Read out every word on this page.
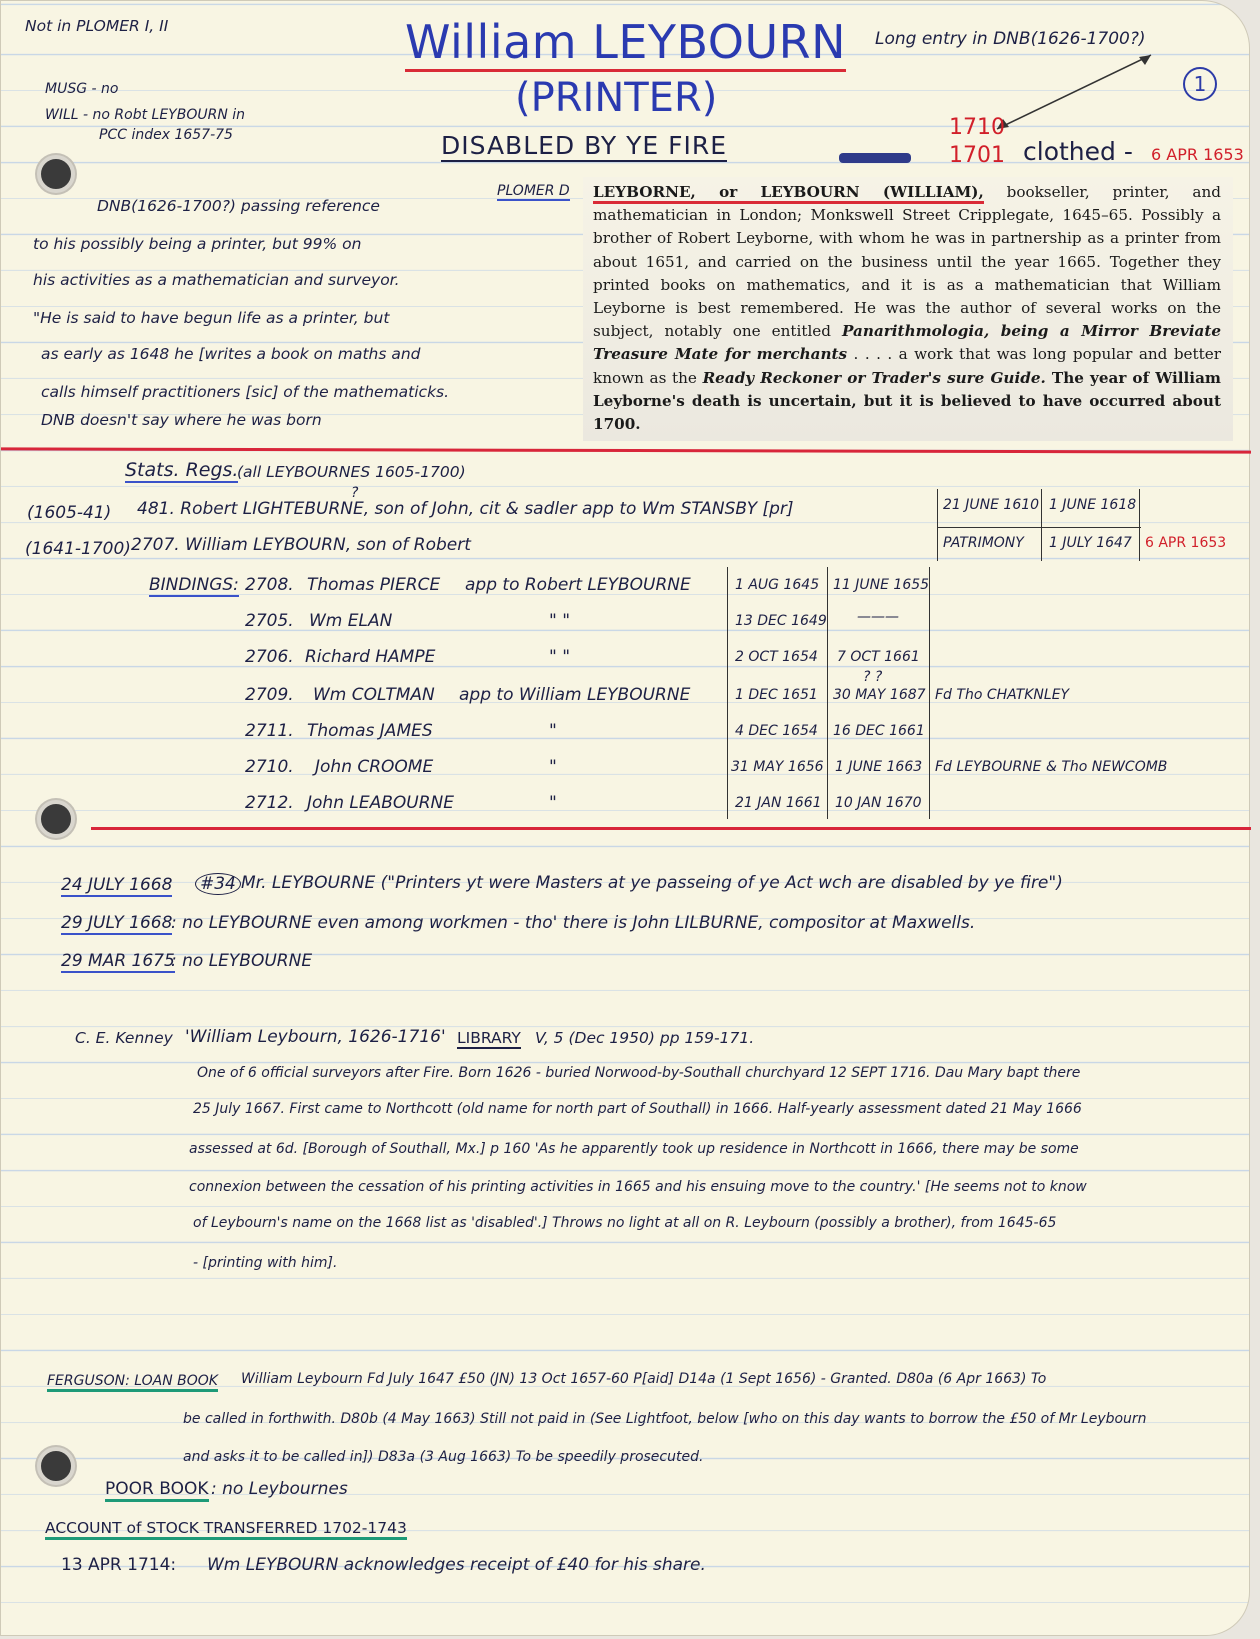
Not in PLOMER I, II
MUSG - no
WILL - no Robt LEYBOURN in
PCC index 1657-75
William LEYBOURN
(PRINTER)
DISABLED BY YE FIRE
Long entry in DNB(1626-1700?)
1
1710
1701 clothed - 6 APR 1653
DNB(1626-1700?) passing reference
to his possibly being a printer, but 99% on
his activities as a mathematician and surveyor.
"He is said to have begun life as a printer, but
as early as 1648 he [writes a book on maths and
calls himself practitioners [sic] of the mathematicks.
DNB doesn't say where he was born
PLOMER D	LEYBORNE, or LEYBOURN (WILLIAM), bookseller, printer, and mathematician in London; Monkswell Street Cripplegate, 1645–65. Possibly a brother of Robert Leyborne, with whom he was in partnership as a printer from about 1651, and carried on the business until the year 1665. Together they printed books on mathematics, and it is as a mathematician that William Leyborne is best remembered. He was the author of several works on the subject, notably one entitled Panarithmologia, being a Mirror Breviate Treasure Mate for merchants . . . . a work that was long popular and better known as the Ready Reckoner or Trader's sure Guide. The year of William Leyborne's death is uncertain, but it is believed to have occurred about 1700.
Stats. Regs.
(all LEYBOURNES 1605-1700)
?
(1605-41) 481. Robert LIGHTEBURNE, son of John, cit & sadler app to Wm STANSBY [pr]	21 JUNE 1610 1 JUNE 1618
(1641-1700) 2707. William LEYBOURN, son of Robert	PATRIMONY 1 JULY 1647 6 APR 1653
BINDINGS: 2708. Thomas PIERCE app to Robert LEYBOURNE	1 AUG 1645 11 JUNE 1655
2705. Wm ELAN	" "	13 DEC 1649 ———
2706. Richard HAMPE	" "	2 OCT 1654 7 OCT 1661
? ?
2709. Wm COLTMAN app to William LEYBOURNE	1 DEC 1651 30 MAY 1687 Fd Tho CHATKNLEY
2711. Thomas JAMES	"	4 DEC 1654 16 DEC 1661
2710. John CROOME	"	31 MAY 1656 1 JUNE 1663 Fd LEYBOURNE & Tho NEWCOMB
2712. John LEABOURNE	"	21 JAN 1661 10 JAN 1670
24 JULY 1668 #34 Mr. LEYBOURNE ("Printers yt were Masters at ye passeing of ye Act wch are disabled by ye fire")
29 JULY 1668
: no LEYBOURNE even among workmen - tho' there is John LILBURNE, compositor at Maxwells.
29 MAR 1675
: no LEYBOURNE
C. E. Kenney 'William Leybourn, 1626-1716' LIBRARY V, 5 (Dec 1950) pp 159-171.
One of 6 official surveyors after Fire. Born 1626 - buried Norwood-by-Southall churchyard 12 SEPT 1716. Dau Mary bapt there
25 July 1667. First came to Northcott (old name for north part of Southall) in 1666. Half-yearly assessment dated 21 May 1666
assessed at 6d. [Borough of Southall, Mx.] p 160 'As he apparently took up residence in Northcott in 1666, there may be some
connexion between the cessation of his printing activities in 1665 and his ensuing move to the country.' [He seems not to know
of Leybourn's name on the 1668 list as 'disabled'.] Throws no light at all on R. Leybourn (possibly a brother), from 1645-65
- [printing with him].
FERGUSON: LOAN BOOK William Leybourn Fd July 1647 £50 (JN) 13 Oct 1657-60 P[aid] D14a (1 Sept 1656) - Granted. D80a (6 Apr 1663) To
be called in forthwith. D80b (4 May 1663) Still not paid in (See Lightfoot, below [who on this day wants to borrow the £50 of Mr Leybourn
and asks it to be called in]) D83a (3 Aug 1663) To be speedily prosecuted.
POOR BOOK : no Leybournes
ACCOUNT of STOCK TRANSFERRED 1702-1743
13 APR 1714: Wm LEYBOURN acknowledges receipt of £40 for his share.
